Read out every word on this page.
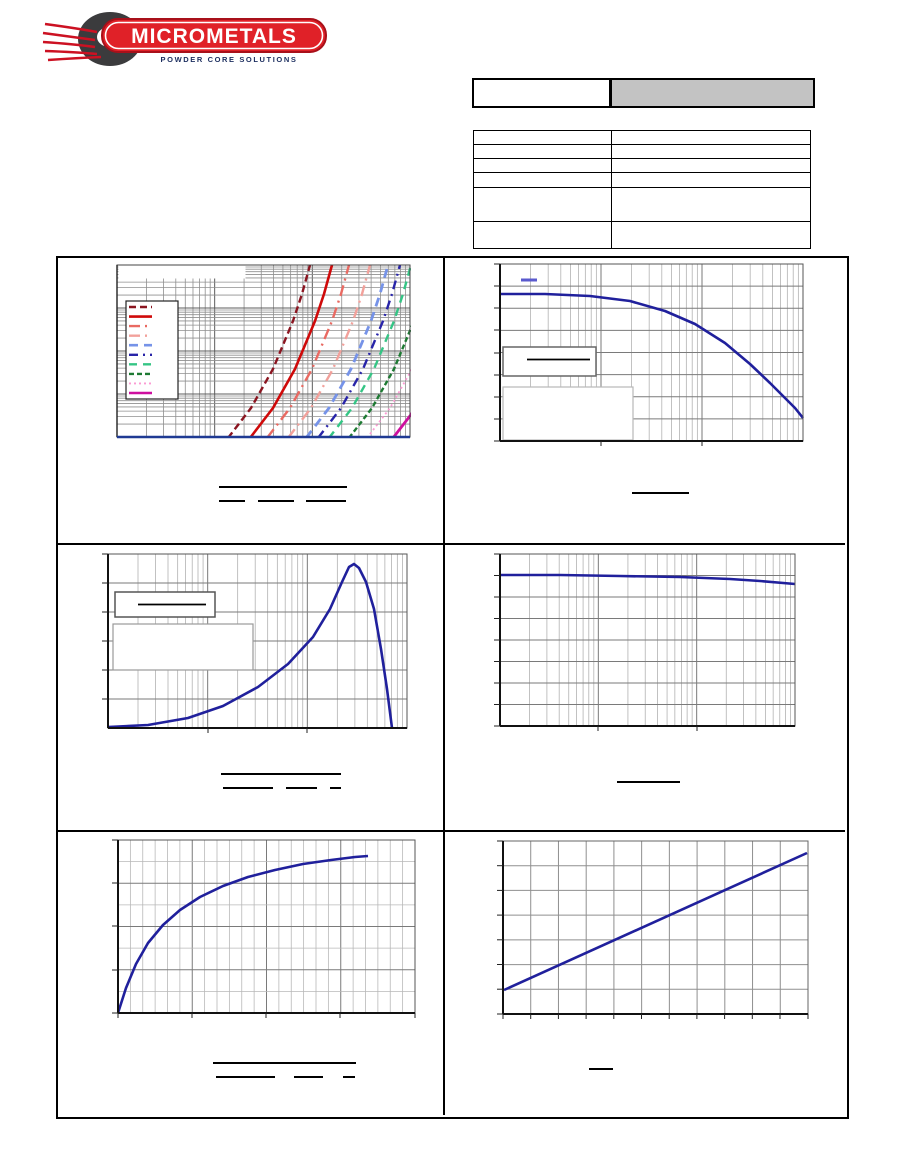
MICROMETALS
POWDER CORE SOLUTIONS
